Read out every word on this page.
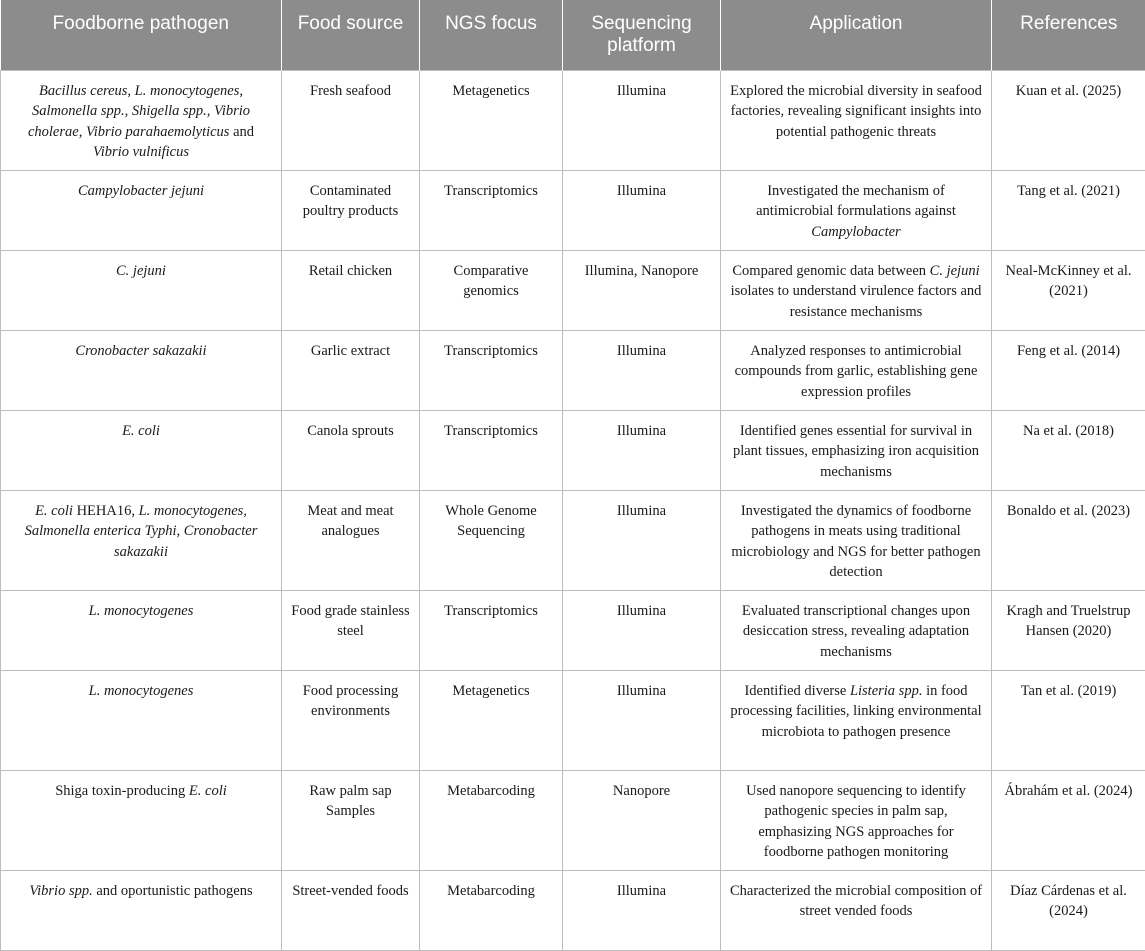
Foodborne pathogen	Food source	NGS focus	Sequencing platform	Application	References
Bacillus cereus, L. monocytogenes, Salmonella spp., Shigella spp., Vibrio cholerae, Vibrio parahaemolyticus and Vibrio vulnificus	Fresh seafood	Metagenetics	Illumina	Explored the microbial diversity in seafood factories, revealing significant insights into potential pathogenic threats	Kuan et al. (2025)
Campylobacter jejuni	Contaminated poultry products	Transcriptomics	Illumina	Investigated the mechanism of antimicrobial formulations against Campylobacter	Tang et al. (2021)
C. jejuni	Retail chicken	Comparative genomics	Illumina, Nanopore	Compared genomic data between C. jejuni isolates to understand virulence factors and resistance mechanisms	Neal-McKinney et al. (2021)
Cronobacter sakazakii	Garlic extract	Transcriptomics	Illumina	Analyzed responses to antimicrobial compounds from garlic, establishing gene expression profiles	Feng et al. (2014)
E. coli	Canola sprouts	Transcriptomics	Illumina	Identified genes essential for survival in plant tissues, emphasizing iron acquisition mechanisms	Na et al. (2018)
E. coli HEHA16, L. monocytogenes, Salmonella enterica Typhi, Cronobacter sakazakii	Meat and meat analogues	Whole Genome Sequencing	Illumina	Investigated the dynamics of foodborne pathogens in meats using traditional microbiology and NGS for better pathogen detection	Bonaldo et al. (2023)
L. monocytogenes	Food grade stainless steel	Transcriptomics	Illumina	Evaluated transcriptional changes upon desiccation stress, revealing adaptation mechanisms	Kragh and Truelstrup Hansen (2020)
L. monocytogenes	Food processing environments	Metagenetics	Illumina	Identified diverse Listeria spp. in food processing facilities, linking environmental microbiota to pathogen presence	Tan et al. (2019)
Shiga toxin-producing E. coli	Raw palm sap Samples	Metabarcoding	Nanopore	Used nanopore sequencing to identify pathogenic species in palm sap, emphasizing NGS approaches for foodborne pathogen monitoring	Ábrahám et al. (2024)
Vibrio spp. and oportunistic pathogens	Street-vended foods	Metabarcoding	Illumina	Characterized the microbial composition of street vended foods	Díaz Cárdenas et al. (2024)
